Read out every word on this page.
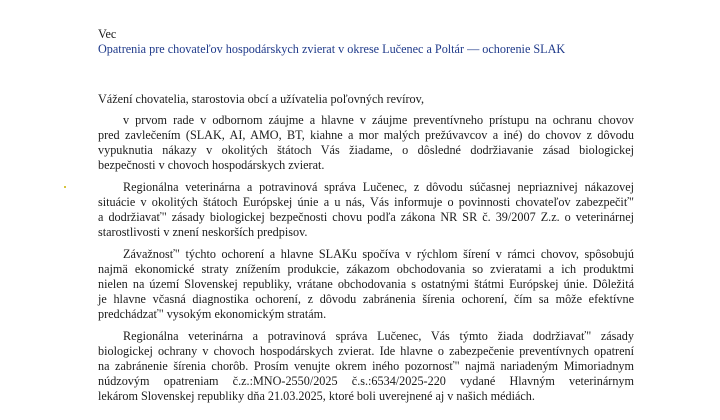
Vec
Opatrenia pre chovateľov hospodárskych zvierat v okrese Lučenec a Poltár — ochorenie SLAK
Vážení chovatelia, starostovia obcí a užívatelia poľovných revírov,
v prvom rade v odbornom záujme a hlavne v záujme preventívneho prístupu na ochranu chovov
pred zavlečením (SLAK, AI, AMO, BT, kiahne a mor malých prežúvavcov a iné) do chovov z dôvodu
vypuknutia nákazy v okolitých štátoch Vás žiadame, o dôsledné dodržiavanie zásad biologickej
bezpečnosti v chovoch hospodárskych zvierat.
Regionálna veterinárna a potravinová správa Lučenec, z dôvodu súčasnej nepriaznivej nákazovej
situácie v okolitých štátoch Európskej únie a u nás, Vás informuje o povinnosti chovateľov zabezpečiť"
a dodržiavať" zásady biologickej bezpečnosti chovu podľa zákona NR SR č. 39/2007 Z.z. o veterinárnej
starostlivosti v znení neskorších predpisov.
Závažnosť" týchto ochorení a hlavne SLAKu spočíva v rýchlom šírení v rámci chovov, spôsobujú
najmä ekonomické straty znížením produkcie, zákazom obchodovania so zvieratami a ich produktmi
nielen na území Slovenskej republiky, vrátane obchodovania s ostatnými štátmi Európskej únie. Dôležitá
je hlavne včasná diagnostika ochorení, z dôvodu zabránenia šírenia ochorení, čím sa môže efektívne
predchádzať" vysokým ekonomickým stratám.
Regionálna veterinárna a potravinová správa Lučenec, Vás týmto žiada dodržiavať" zásady
biologickej ochrany v chovoch hospodárskych zvierat. Ide hlavne o zabezpečenie preventívnych opatrení
na zabránenie šírenia chorôb. Prosím venujte okrem iného pozornosť" najmä nariadeným Mimoriadnym
núdzovým opatreniam č.z.:MNO-2550/2025 č.s.:6534/2025-220 vydané Hlavným veterinárnym
lekárom Slovenskej republiky dňa 21.03.2025, ktoré boli uverejnené aj v našich médiách.
